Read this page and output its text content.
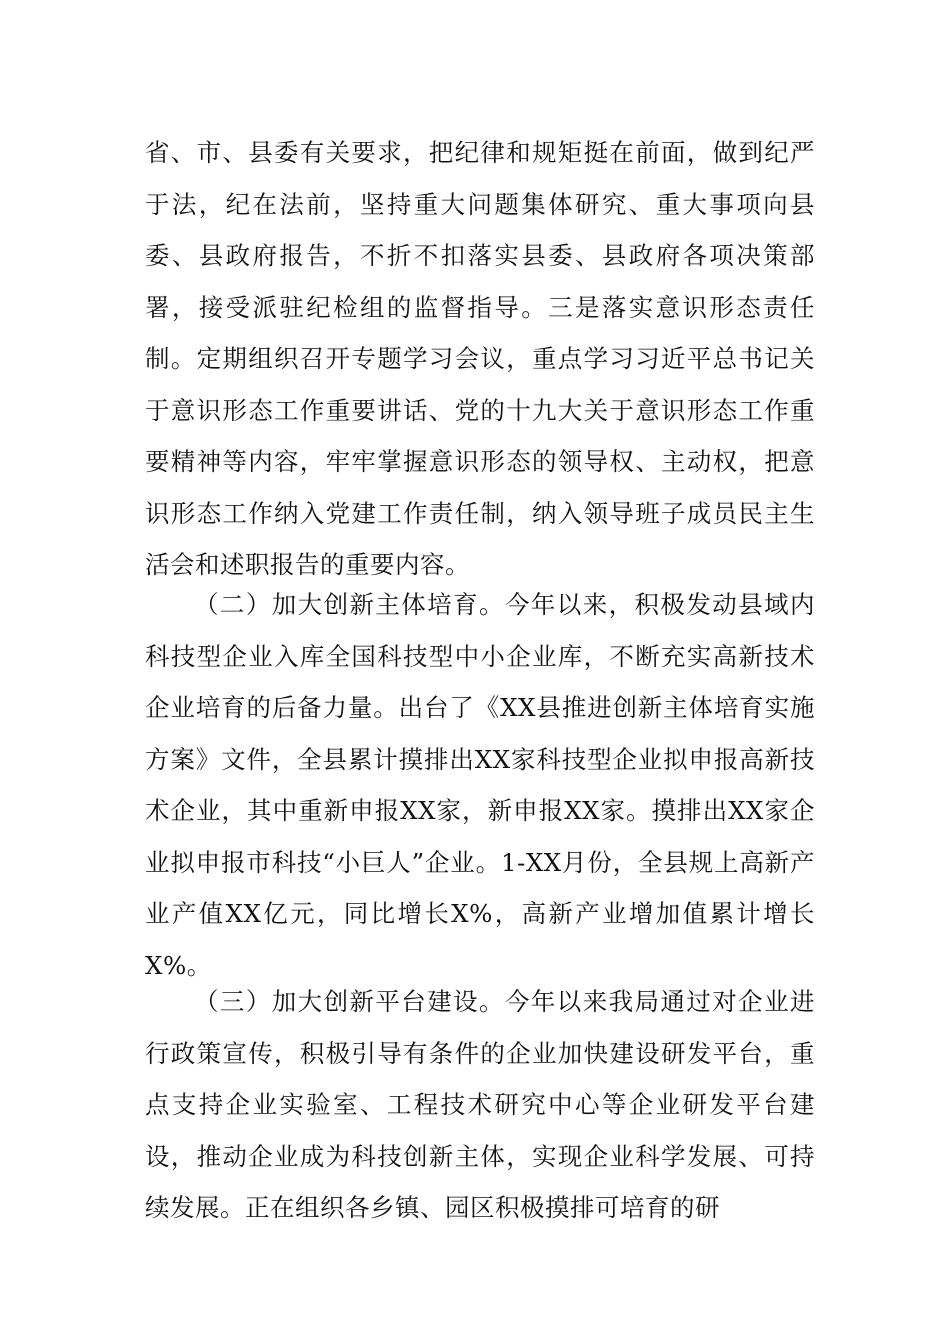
省、市、县委有关要求，把纪律和规矩挺在前面，做到纪严于法，纪在法前，坚持重大问题集体研究、重大事项向县委、县政府报告，不折不扣落实县委、县政府各项决策部署，接受派驻纪检组的监督指导。三是落实意识形态责任制。定期组织召开专题学习会议，重点学习习近平总书记关于意识形态工作重要讲话、党的十九大关于意识形态工作重要精神等内容，牢牢掌握意识形态的领导权、主动权，把意识形态工作纳入党建工作责任制，纳入领导班子成员民主生活会和述职报告的重要内容。

（二）加大创新主体培育。今年以来，积极发动县域内科技型企业入库全国科技型中小企业库，不断充实高新技术企业培育的后备力量。出台了《XX县推进创新主体培育实施方案》文件，全县累计摸排出XX家科技型企业拟申报高新技术企业，其中重新申报XX家，新申报XX家。摸排出XX家企业拟申报市科技“小巨人”企业。1-XX月份，全县规上高新产业产值XX亿元，同比增长X%，高新产业增加值累计增长X%。

（三）加大创新平台建设。今年以来我局通过对企业进行政策宣传，积极引导有条件的企业加快建设研发平台，重点支持企业实验室、工程技术研究中心等企业研发平台建设，推动企业成为科技创新主体，实现企业科学发展、可持续发展。正在组织各乡镇、园区积极摸排可培育的研
